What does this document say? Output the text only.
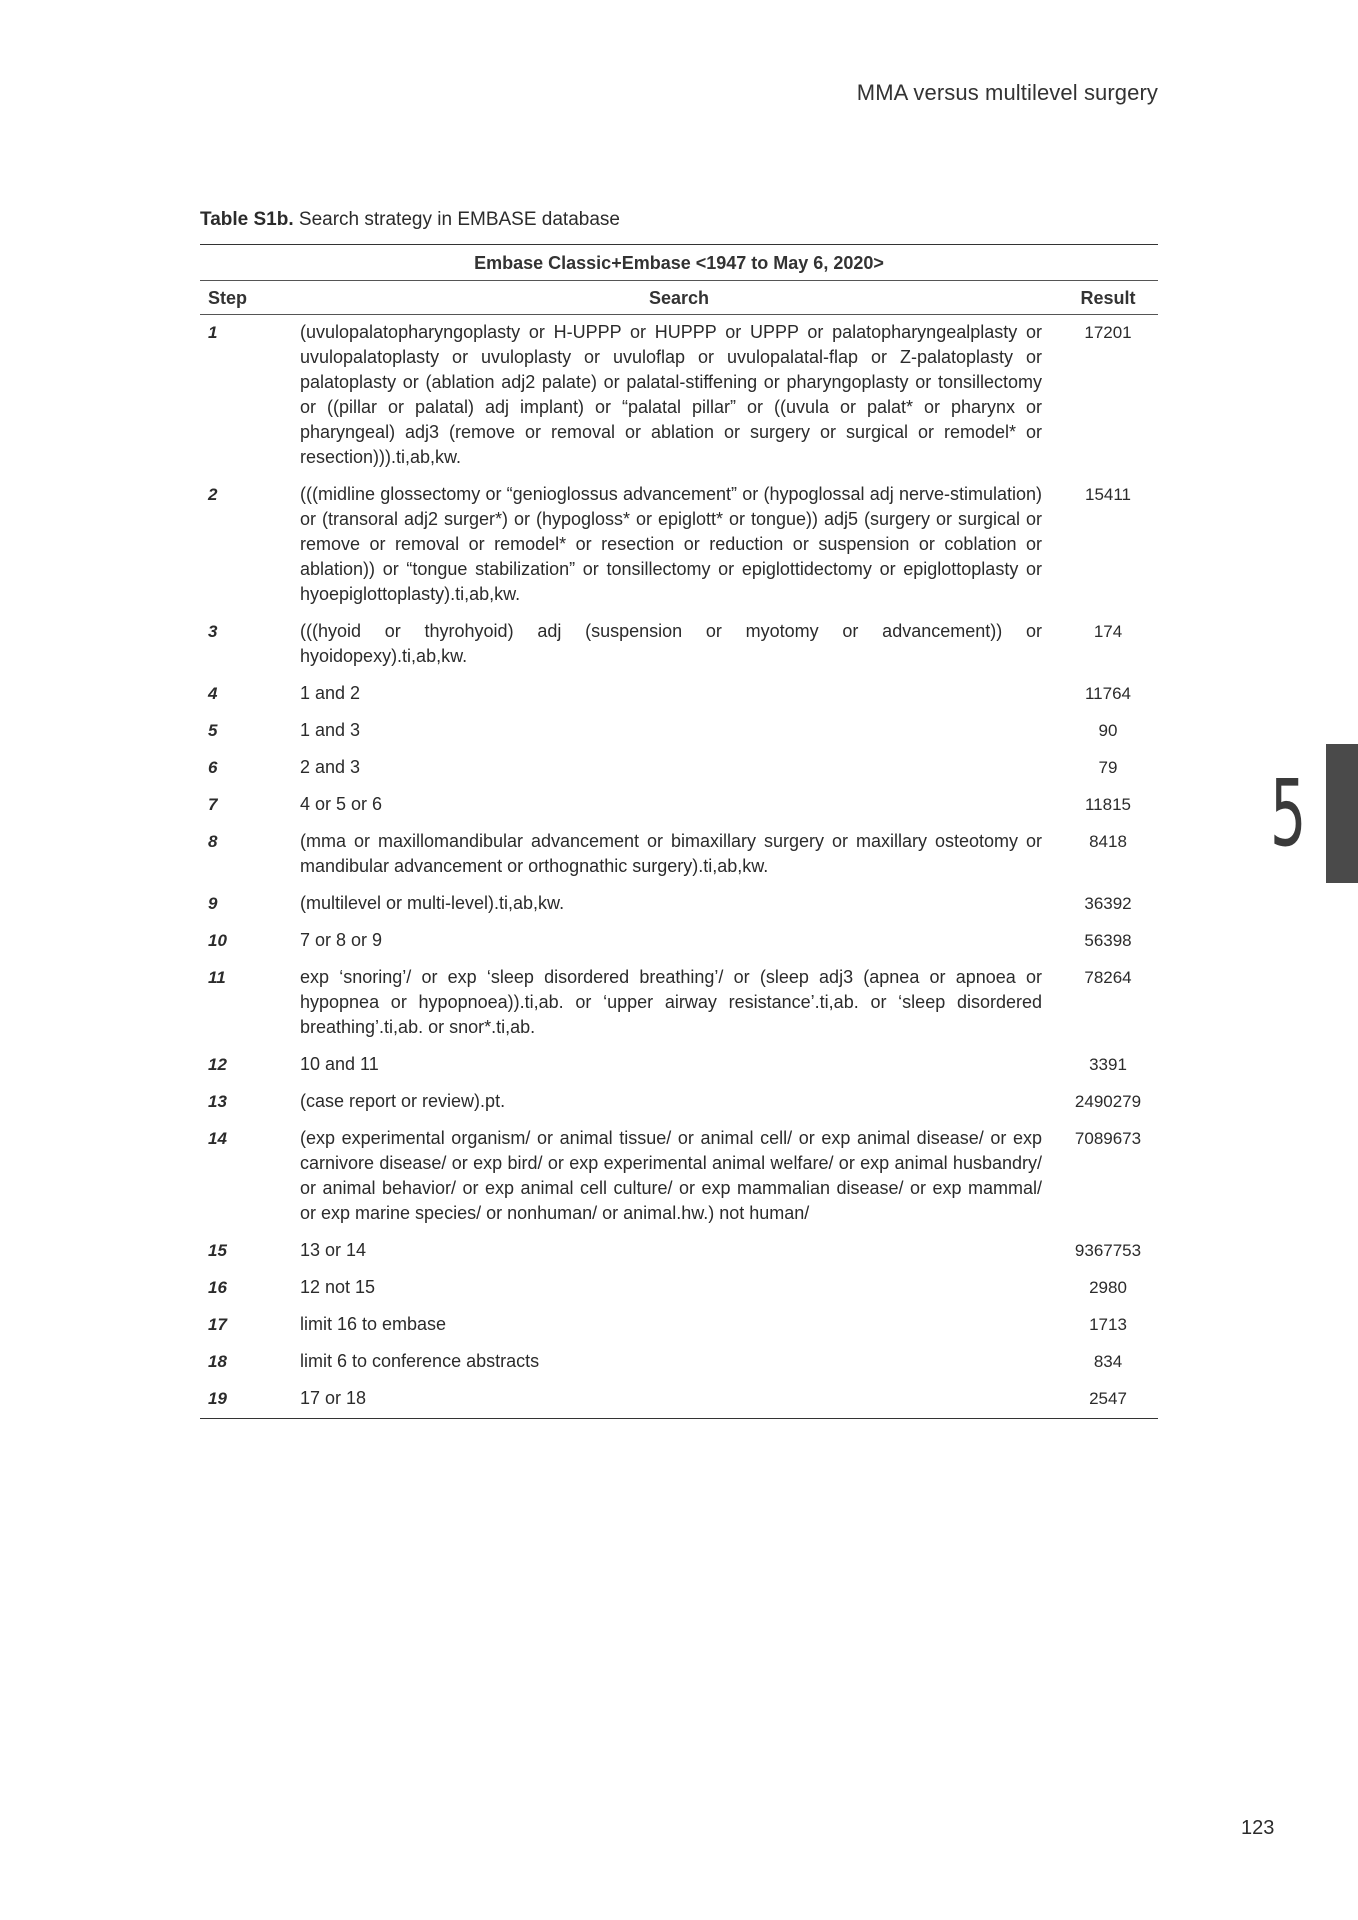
MMA versus multilevel surgery
Table S1b. Search strategy in EMBASE database
Embase Classic+Embase <1947 to May 6, 2020>		
Step	Search	Result
1	(uvulopalatopharyngoplasty or H-UPPP or HUPPP or UPPP or palatopharyngealplasty or uvulopalatoplasty or uvuloplasty or uvuloflap or uvulopalatal-flap or Z-palatoplasty or palatoplasty or (ablation adj2 palate) or palatal-stiffening or pharyngoplasty or tonsillectomy or ((pillar or palatal) adj implant) or “palatal pillar” or ((uvula or palat* or pharynx or pharyngeal) adj3 (remove or removal or ablation or surgery or surgical or remodel* or resection))).ti,ab,kw.	17201
2	(((midline glossectomy or “genioglossus advancement” or (hypoglossal adj nerve-stimulation) or (transoral adj2 surger*) or (hypogloss* or epiglott* or tongue)) adj5 (surgery or surgical or remove or removal or remodel* or resection or reduction or suspension or coblation or ablation)) or “tongue stabilization” or tonsillectomy or epiglottidectomy or epiglottoplasty or hyoepiglottoplasty).ti,ab,kw.	15411
3	(((hyoid or thyrohyoid) adj (suspension or myotomy or advancement)) or hyoidopexy).ti,ab,kw.	174
4	1 and 2	11764
5	1 and 3	90
6	2 and 3	79
7	4 or 5 or 6	11815
8	(mma or maxillomandibular advancement or bimaxillary surgery or maxillary osteotomy or mandibular advancement or orthognathic surgery).ti,ab,kw.	8418
9	(multilevel or multi-level).ti,ab,kw.	36392
10	7 or 8 or 9	56398
11	exp ‘snoring’/ or exp ‘sleep disordered breathing’/ or (sleep adj3 (apnea or apnoea or hypopnea or hypopnoea)).ti,ab. or ‘upper airway resistance’.ti,ab. or ‘sleep disordered breathing’.ti,ab. or snor*.ti,ab.	78264
12	10 and 11	3391
13	(case report or review).pt.	2490279
14	(exp experimental organism/ or animal tissue/ or animal cell/ or exp animal disease/ or exp carnivore disease/ or exp bird/ or exp experimental animal welfare/ or exp animal husbandry/ or animal behavior/ or exp animal cell culture/ or exp mammalian disease/ or exp mammal/ or exp marine species/ or nonhuman/ or animal.hw.) not human/	7089673
15	13 or 14	9367753
16	12 not 15	2980
17	limit 16 to embase	1713
18	limit 6 to conference abstracts	834
19	17 or 18	2547
5
123
